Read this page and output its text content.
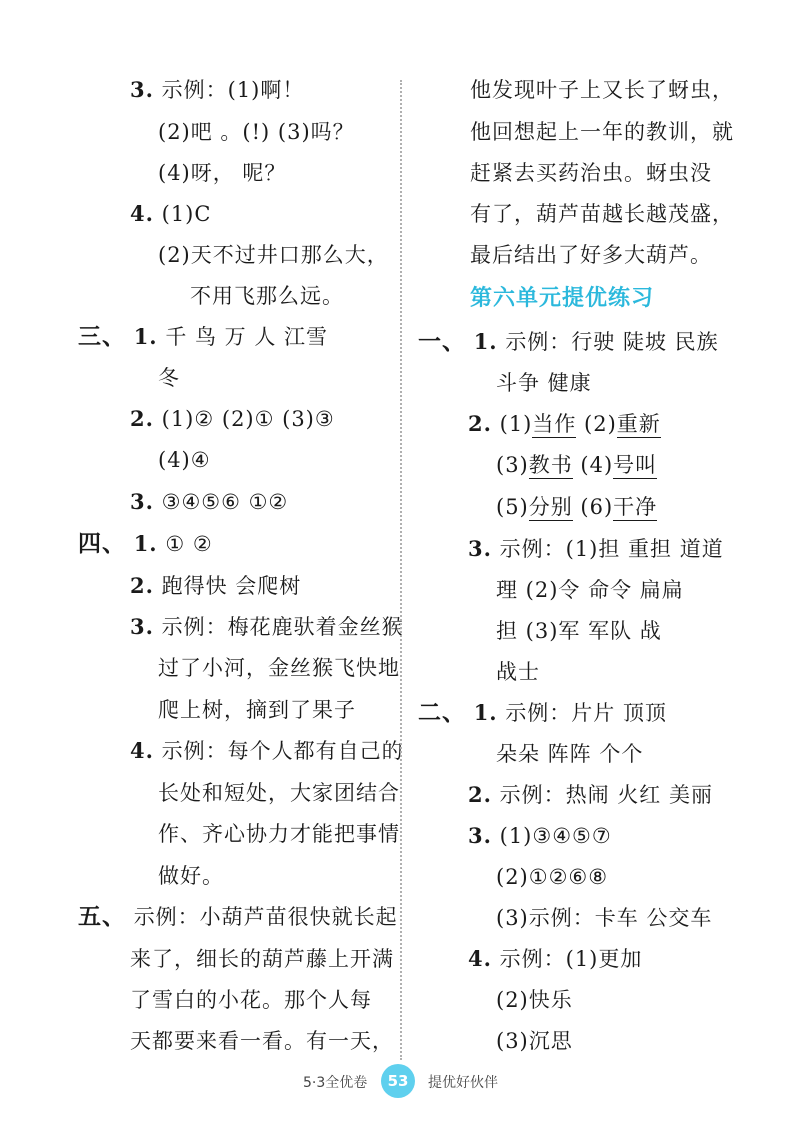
3. 示例：(1)啊！
(2)吧 。(!) (3)吗？
(4)呀， 呢？
4. (1)C
(2)天不过井口那么大，
不用飞那么远。
三、 1. 千 鸟 万 人 江雪
冬
2. (1)② (2)① (3)③
(4)④
3. ③④⑤⑥ ①②
四、 1. ① ②
2. 跑得快 会爬树
3. 示例：梅花鹿驮着金丝猴
过了小河，金丝猴飞快地
爬上树，摘到了果子
4. 示例：每个人都有自己的
长处和短处，大家团结合
作、齐心协力才能把事情
做好。
五、 示例：小葫芦苗很快就长起
来了，细长的葫芦藤上开满
了雪白的小花。那个人每
天都要来看一看。有一天，
他发现叶子上又长了蚜虫，
他回想起上一年的教训，就
赶紧去买药治虫。蚜虫没
有了，葫芦苗越长越茂盛，
最后结出了好多大葫芦。
第六单元提优练习
一、 1. 示例：行驶 陡坡 民族
斗争 健康
2. (1)当作 (2)重新
(3)教书 (4)号叫
(5)分别 (6)干净
3. 示例：(1)担 重担 道道
理 (2)令 命令 扁扁
担 (3)军 军队 战
战士
二、 1. 示例：片片 顶顶
朵朵 阵阵 个个
2. 示例：热闹 火红 美丽
3. (1)③④⑤⑦
(2)①②⑥⑧
(3)示例：卡车 公交车
4. 示例：(1)更加
(2)快乐
(3)沉思
5·3全优卷	53	提优好伙伴
